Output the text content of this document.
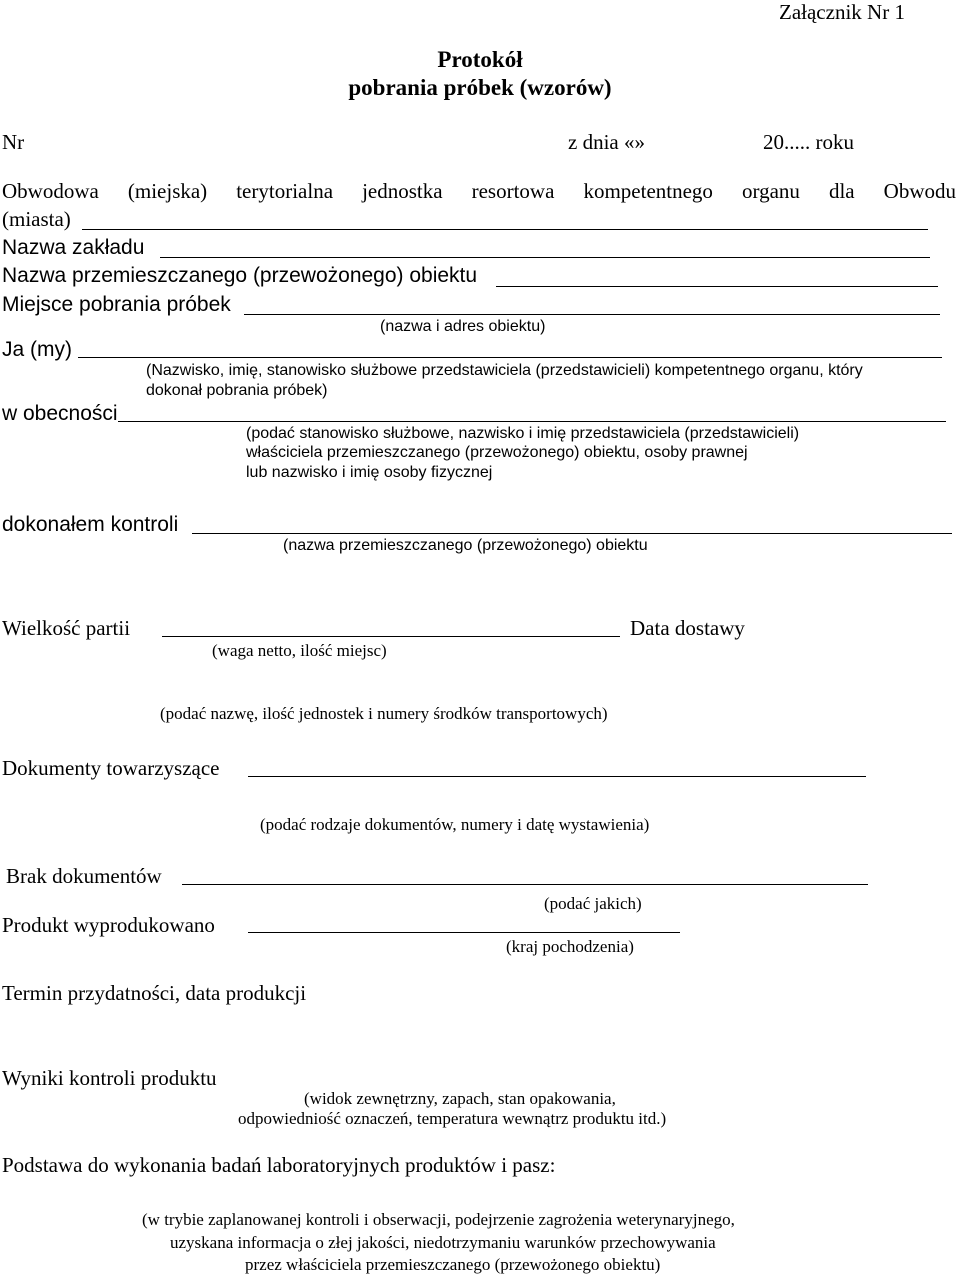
Załącznik Nr 1
Protokół
pobrania próbek (wzorów)
Nr	z dnia «»	20..... roku
Obwodowa (miejska) terytorialna jednostka resortowa kompetentnego organu dla Obwodu
(miasta)
Nazwa zakładu
Nazwa przemieszczanego (przewożonego) obiektu
Miejsce pobrania próbek
(nazwa i adres obiektu)
Ja (my)
(Nazwisko, imię, stanowisko służbowe przedstawiciela (przedstawicieli) kompetentnego organu, który
dokonał pobrania próbek)
w obecności
(podać stanowisko służbowe, nazwisko i imię przedstawiciela (przedstawicieli)
właściciela przemieszczanego (przewożonego) obiektu, osoby prawnej
lub nazwisko i imię osoby fizycznej
dokonałem kontroli
(nazwa przemieszczanego (przewożonego) obiektu
Wielkość partii	Data dostawy
(waga netto, ilość miejsc)
(podać nazwę, ilość jednostek i numery środków transportowych)
Dokumenty towarzyszące
(podać rodzaje dokumentów, numery i datę wystawienia)
Brak dokumentów
(podać jakich)
Produkt wyprodukowano
(kraj pochodzenia)
Termin przydatności, data produkcji
Wyniki kontroli produktu
(widok zewnętrzny, zapach, stan opakowania,
odpowiedniość oznaczeń, temperatura wewnątrz produktu itd.)
Podstawa do wykonania badań laboratoryjnych produktów i pasz:
(w trybie zaplanowanej kontroli i obserwacji, podejrzenie zagrożenia weterynaryjnego,
uzyskana informacja o złej jakości, niedotrzymaniu warunków przechowywania
przez właściciela przemieszczanego (przewożonego obiektu)
